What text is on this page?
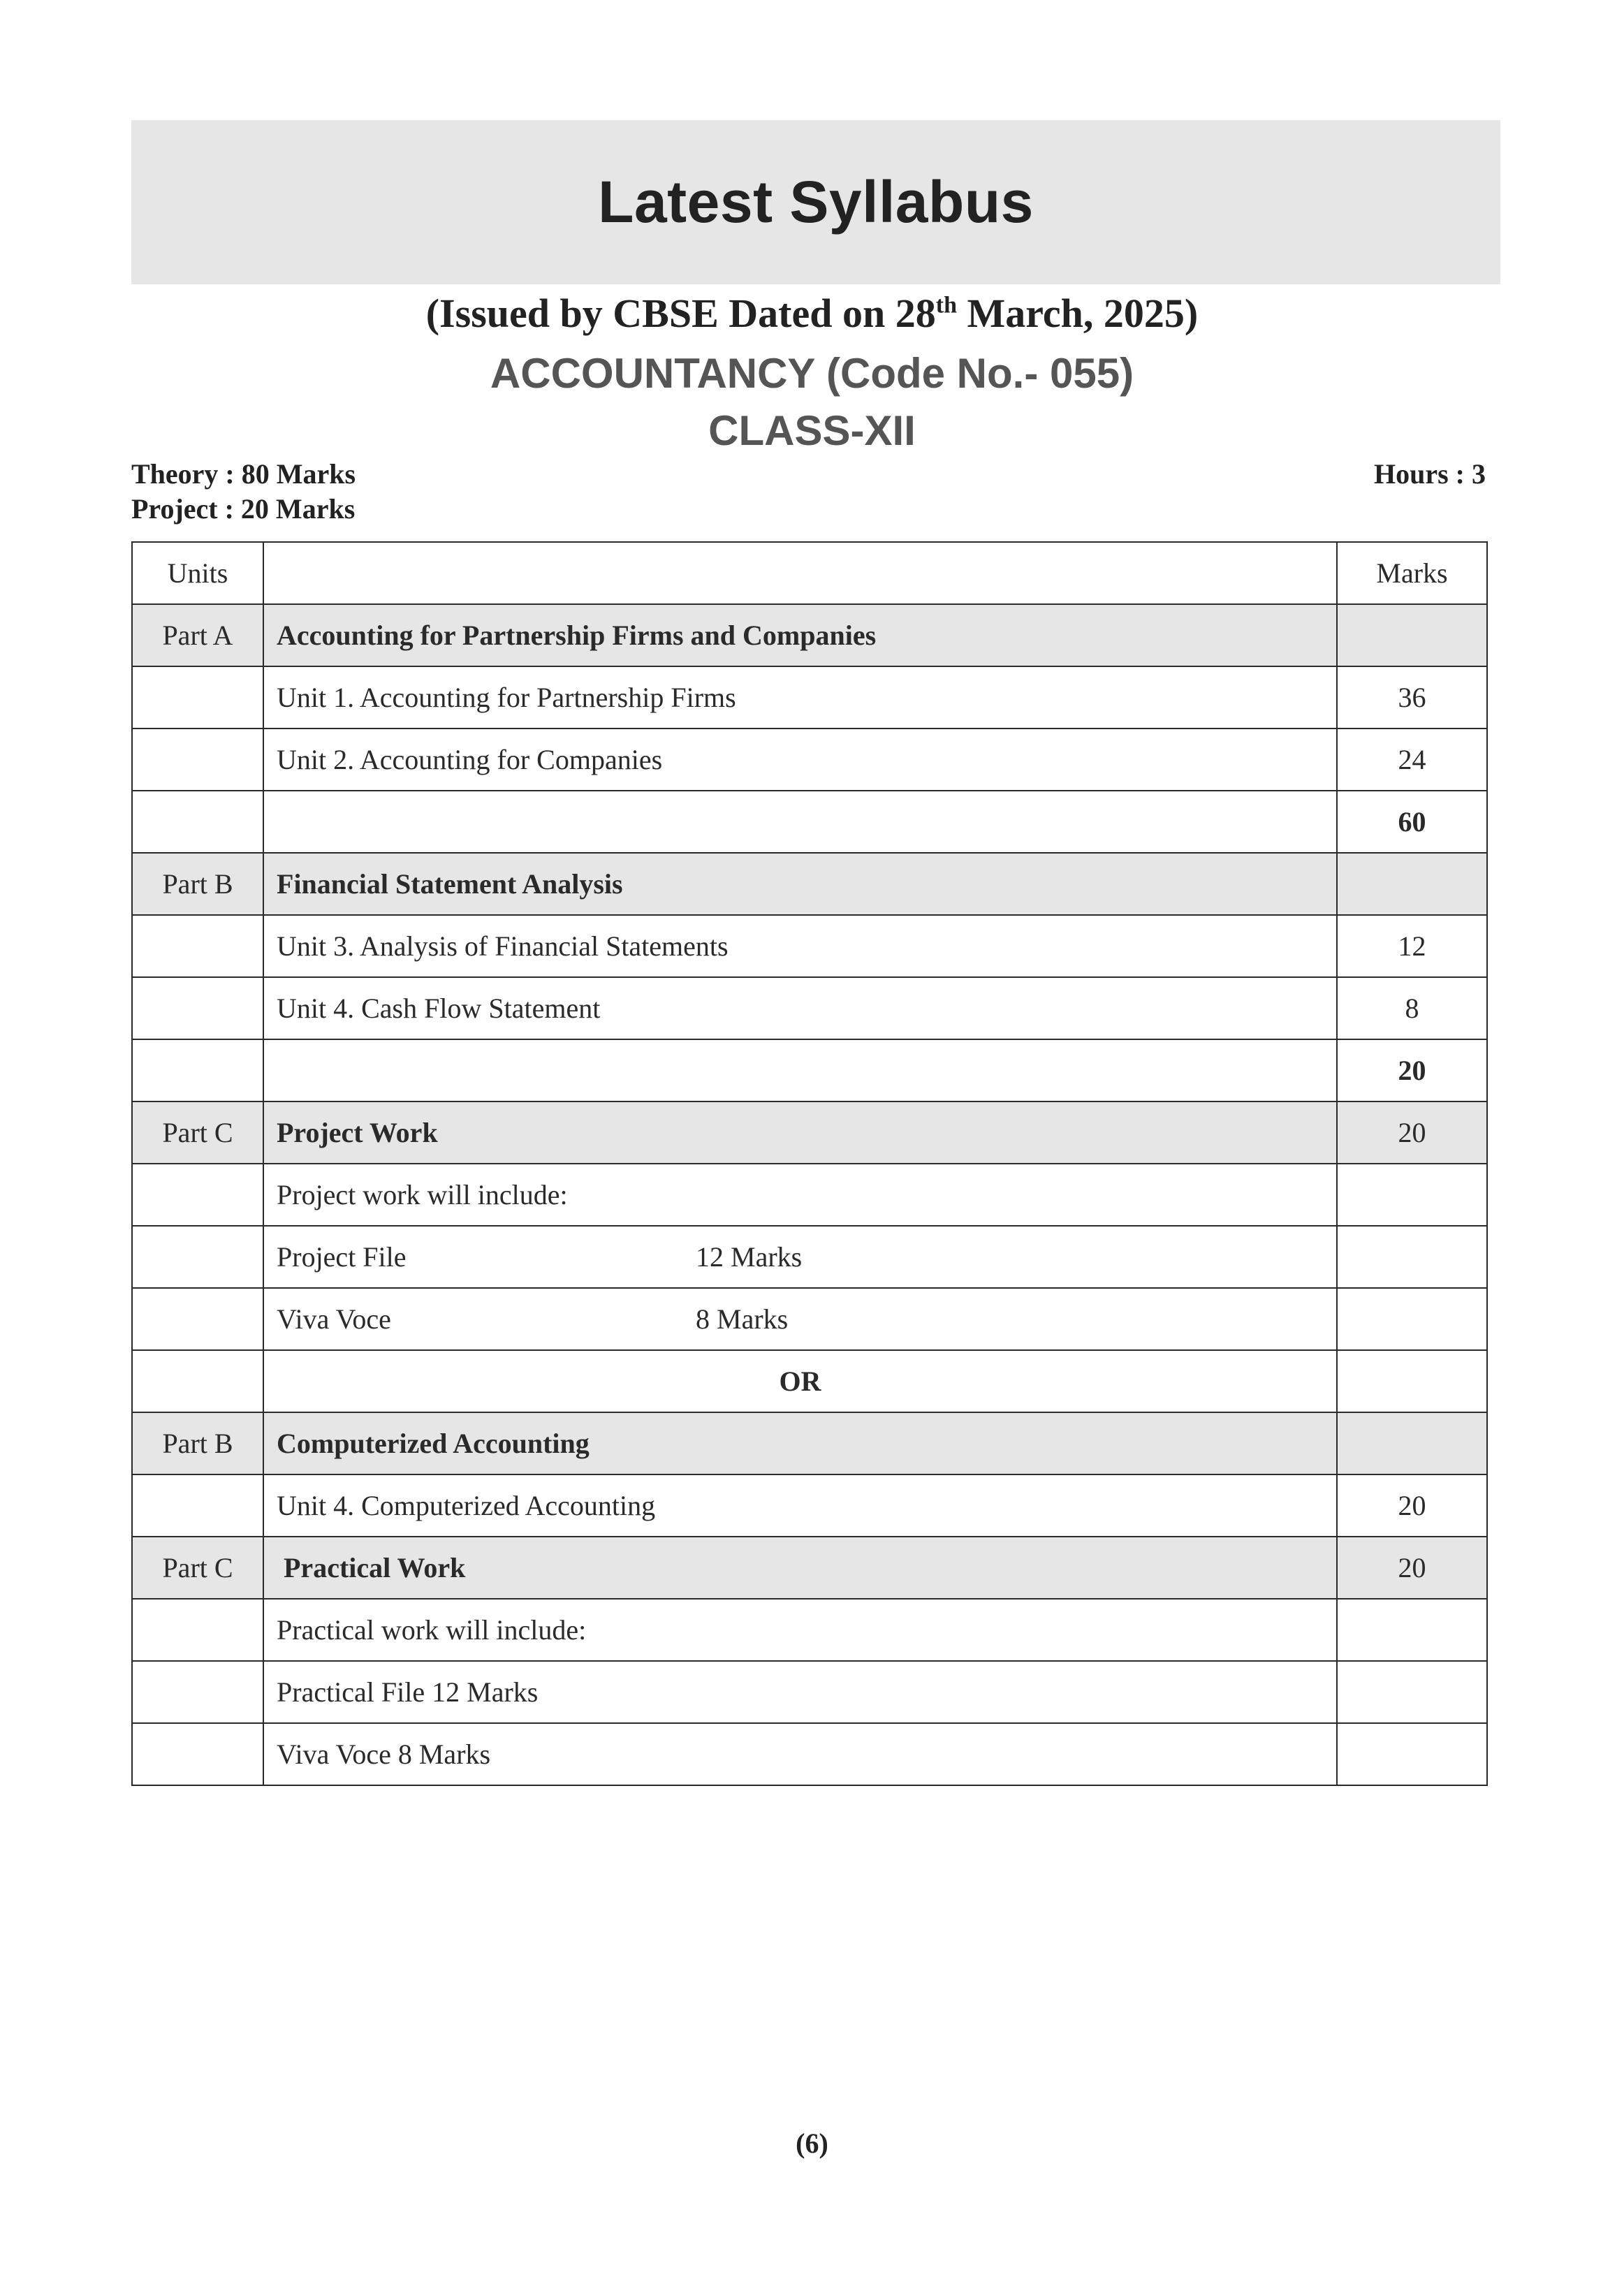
Latest Syllabus
(Issued by CBSE Dated on 28th March, 2025)
ACCOUNTANCY (Code No.- 055)
CLASS-XII
Theory : 80 Marks
Project : 20 Marks
Hours : 3
Units		Marks
Part A	Accounting for Partnership Firms and Companies	
	Unit 1. Accounting for Partnership Firms	36
	Unit 2. Accounting for Companies	24
		60
Part B	Financial Statement Analysis	
	Unit 3. Analysis of Financial Statements	12
	Unit 4. Cash Flow Statement	8
		20
Part C	Project Work	20
	Project work will include:	

	Project File 12 Marks	

	Viva Voce 8 Marks	

	OR	
Part B	Computerized Accounting	
	Unit 4. Computerized Accounting	20
Part C	Practical Work	20
	Practical work will include:	
	Practical File 12 Marks	
	Viva Voce 8 Marks	
(6)
